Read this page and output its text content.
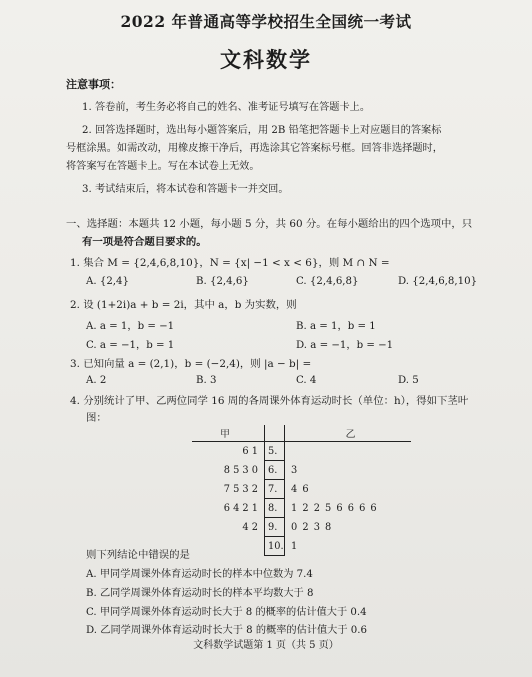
2022 年普通高等学校招生全国统一考试
文科数学
注意事项：
1. 答卷前，考生务必将自己的姓名、准考证号填写在答题卡上。
2. 回答选择题时，选出每小题答案后，用 2B 铅笔把答题卡上对应题目的答案标
号框涂黑。如需改动，用橡皮擦干净后，再选涂其它答案标号框。回答非选择题时，
将答案写在答题卡上。写在本试卷上无效。
3. 考试结束后，将本试卷和答题卡一并交回。
一、选择题：本题共 12 小题，每小题 5 分，共 60 分。在每小题给出的四个选项中，只
有一项是符合题目要求的。
1. 集合 M = {2,4,6,8,10}，N = {x| −1 < x < 6}，则 M ∩ N =
A. {2,4}	B. {2,4,6}	C. {2,4,6,8}	D. {2,4,6,8,10}
2. 设 (1+2i)a + b = 2i，其中 a，b 为实数，则
A. a = 1，b = −1	B. a = 1，b = 1
C. a = −1，b = 1	D. a = −1，b = −1
3. 已知向量 a = (2,1)，b = (−2,4)，则 |a − b| =
A. 2	B. 3	C. 4	D. 5
4. 分别统计了甲、乙两位同学 16 周的各周课外体育运动时长（单位：h），得如下茎叶
图：
甲		乙
6 1	5.	
8 5 3 0	6.	3
7 5 3 2	7.	4 6
6 4 2 1	8.	1 2 2 5 6 6 6 6
4 2	9.	0 2 3 8
	10.	1
则下列结论中错误的是
A. 甲同学周课外体育运动时长的样本中位数为 7.4
B. 乙同学周课外体育运动时长的样本平均数大于 8
C. 甲同学周课外体育运动时长大于 8 的概率的估计值大于 0.4
D. 乙同学周课外体育运动时长大于 8 的概率的估计值大于 0.6
文科数学试题第 1 页（共 5 页）
